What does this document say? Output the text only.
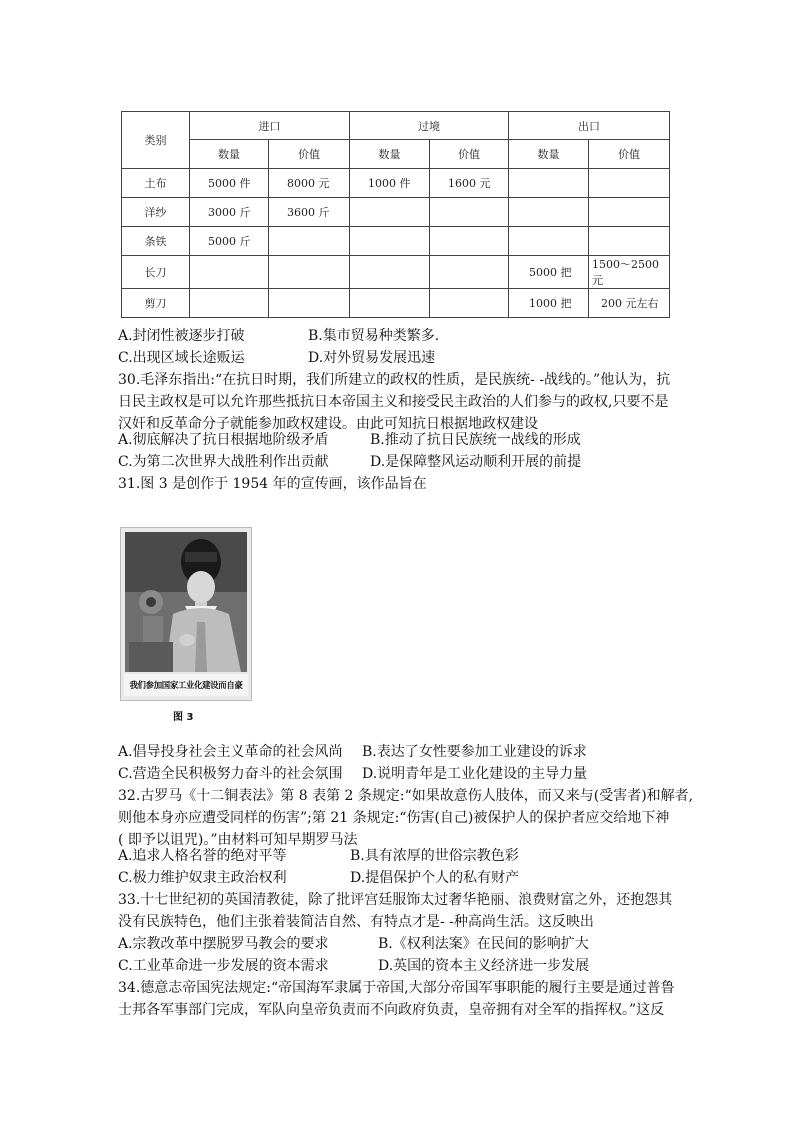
类别	进口		过境		出口	
	数量	价值	数量	价值	数量	价值
土布	5000 件	8000 元	1000 件	1600 元		
洋纱	3000 斤	3600 斤				
条铁	5000 斤					
长刀					5000 把	1500～2500 元
剪刀					1000 把	200 元左右
A.封闭性被逐步打破	B.集市贸易种类繁多.
C.出现区域长途贩运	D.对外贸易发展迅速
30.毛泽东指出:“在抗日时期，我们所建立的政权的性质，是民族统- -战线的。”他认为，抗
日民主政权是可以允许那些抵抗日本帝国主义和接受民主政治的人们参与的政权,只要不是
汉奸和反革命分子就能参加政权建设。由此可知抗日根据地政权建设
A.彻底解决了抗日根据地阶级矛盾	B.推动了抗日民族统一战线的形成
C.为第二次世界大战胜利作出贡献	D.是保障整风运动顺利开展的前提
31.图 3 是创作于 1954 年的宣传画，该作品旨在
我们参加国家工业化建设而自豪
图 3
A.倡导投身社会主义革命的社会风尚 B.表达了女性要参加工业建设的诉求
C.营造全民积极努力奋斗的社会氛围 D.说明青年是工业化建设的主导力量
32.古罗马《十二铜表法》第 8 表第 2 条规定:“如果故意伤人肢体，而又来与(受害者)和解者,
则他本身亦应遭受同样的伤害”;第 21 条规定:“伤害(自己)被保护人的保护者应交给地下神
( 即予以诅咒)。”由材料可知早期罗马法
A.追求人格名誉的绝对平等	B.具有浓厚的世俗宗教色彩
C.极力维护奴隶主政治权利	D.提倡保护个人的私有财产
33.十七世纪初的英国清教徒，除了批评宫廷服饰太过奢华艳丽、浪费财富之外，还抱怨其
没有民族特色，他们主张着装简洁自然、有特点才是- -种高尚生活。这反映出
A.宗教改革中摆脱罗马教会的要求	B.《权利法案》在民间的影响扩大
C.工业革命进一步发展的资本需求	D.英国的资本主义经济进一步发展
34.德意志帝国宪法规定:“帝国海军隶属于帝国,大部分帝国军事职能的履行主要是通过普鲁
士邦各军事部门完成，军队向皇帝负责而不向政府负责，皇帝拥有对全军的指挥权。”这反
